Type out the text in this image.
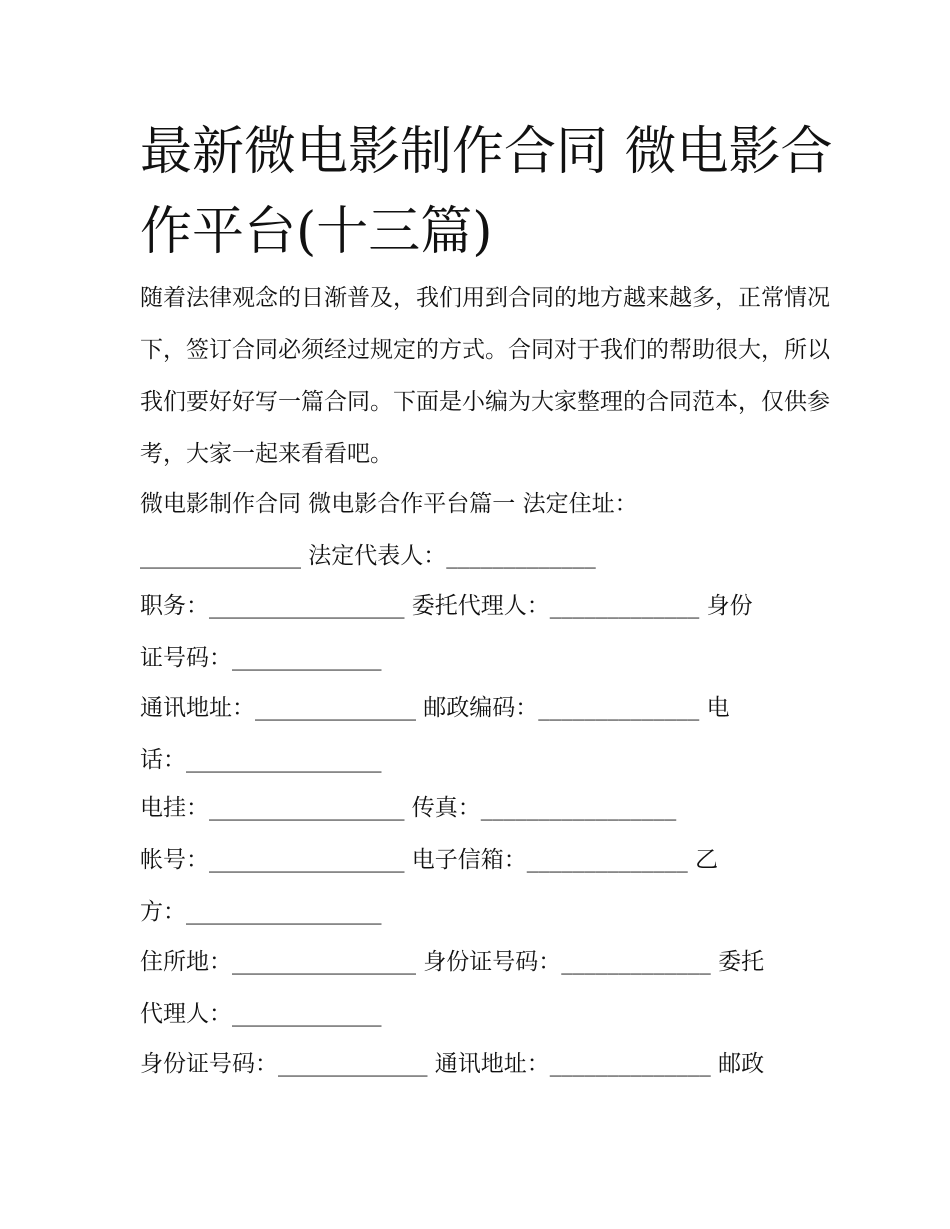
最新微电影制作合同 微电影合作平台(十三篇)

随着法律观念的日渐普及，我们用到合同的地方越来越多，正常情况下，签订合同必须经过规定的方式。合同对于我们的帮助很大，所以我们要好好写一篇合同。下面是小编为大家整理的合同范本，仅供参考，大家一起来看看吧。

微电影制作合同 微电影合作平台篇一 法定住址：

______________ 法定代表人：_____________

职务：_________________ 委托代理人：_____________ 身份

证号码：_____________

通讯地址：______________ 邮政编码：______________ 电

话：_________________

电挂：_________________ 传真：_________________

帐号：_________________ 电子信箱：______________ 乙

方：_________________

住所地：________________ 身份证号码：_____________ 委托

代理人：_____________

身份证号码：_____________ 通讯地址：______________ 邮政
